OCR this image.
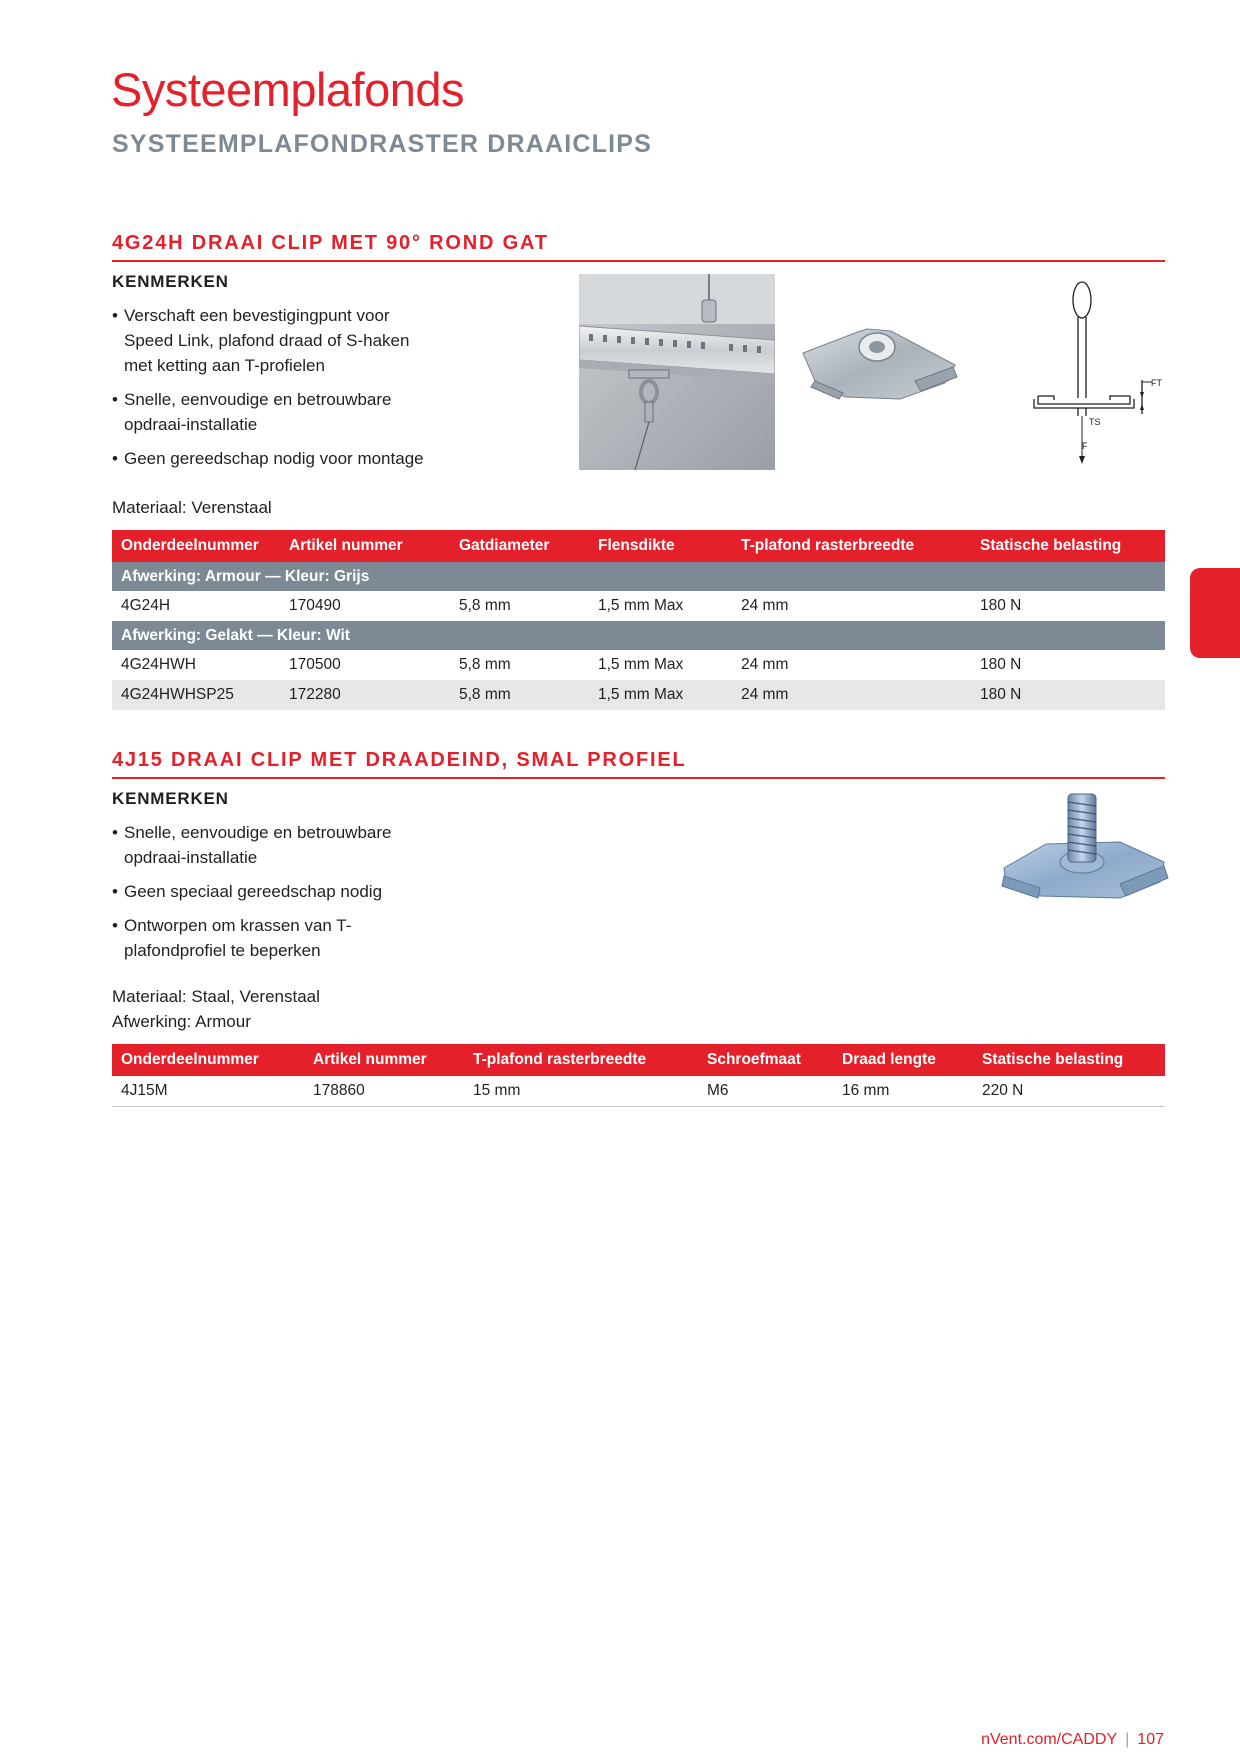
Systeemplafonds
SYSTEEMPLAFONDRASTER DRAAICLIPS
4G24H DRAAI CLIP MET 90° ROND GAT
KENMERKEN
• Verschaft een bevestigingpunt voor Speed Link, plafond draad of S-haken met ketting aan T-profielen
• Snelle, eenvoudige en betrouwbare opdraai-installatie
• Geen gereedschap nodig voor montage
Materiaal: Verenstaal
FT
TS
F
Onderdeelnummer	Artikel nummer	Gatdiameter	Flensdikte	T-plafond rasterbreedte	Statische belasting
Afwerking: Armour — Kleur: Grijs					
4G24H	170490	5,8 mm	1,5 mm Max	24 mm	180 N
Afwerking: Gelakt — Kleur: Wit					
4G24HWH	170500	5,8 mm	1,5 mm Max	24 mm	180 N
4G24HWHSP25	172280	5,8 mm	1,5 mm Max	24 mm	180 N
4J15 DRAAI CLIP MET DRAADEIND, SMAL PROFIEL
KENMERKEN
• Snelle, eenvoudige en betrouwbare opdraai-installatie
• Geen speciaal gereedschap nodig
• Ontworpen om krassen van T-plafondprofiel te beperken
Materiaal: Staal, Verenstaal
Afwerking: Armour
Onderdeelnummer	Artikel nummer	T-plafond rasterbreedte	Schroefmaat	Draad lengte	Statische belasting
4J15M	178860	15 mm	M6	16 mm	220 N
nVent.com/CADDY | 107
